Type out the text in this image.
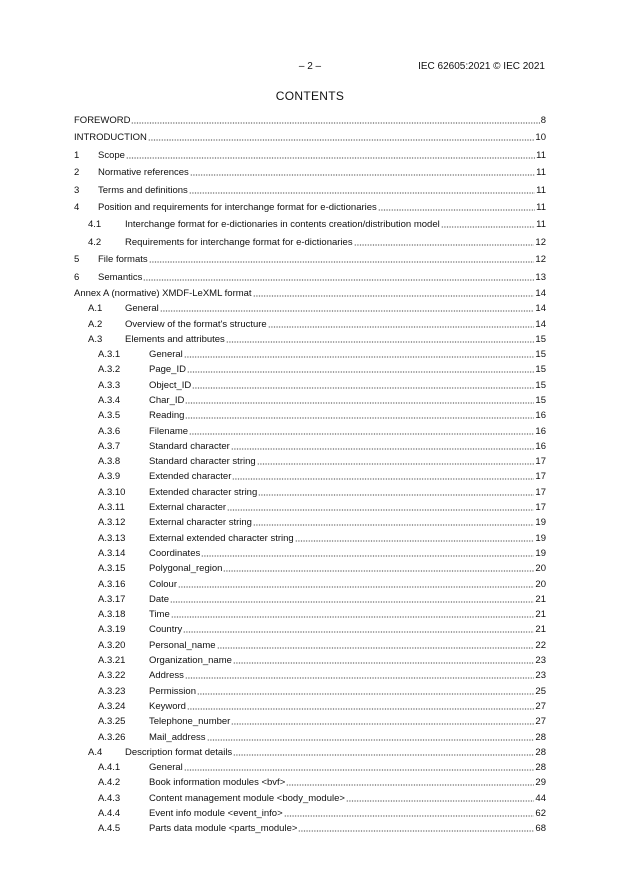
– 2 –	IEC 62605:2021 © IEC 2021
CONTENTS
FOREWORD	8
INTRODUCTION	10
1	Scope	11
2	Normative references	11
3	Terms and definitions	11
4	Position and requirements for interchange format for e-dictionaries	11
4.1	Interchange format for e-dictionaries in contents creation/distribution model	11
4.2	Requirements for interchange format for e-dictionaries	12
5	File formats	12
6	Semantics	13
Annex A (normative) XMDF-LeXML format	14
A.1	General	14
A.2	Overview of the format's structure	14
A.3	Elements and attributes	15
A.3.1	General	15
A.3.2	Page_ID	15
A.3.3	Object_ID	15
A.3.4	Char_ID	15
A.3.5	Reading	16
A.3.6	Filename	16
A.3.7	Standard character	16
A.3.8	Standard character string	17
A.3.9	Extended character	17
A.3.10	Extended character string	17
A.3.11	External character	17
A.3.12	External character string	19
A.3.13	External extended character string	19
A.3.14	Coordinates	19
A.3.15	Polygonal_region	20
A.3.16	Colour	20
A.3.17	Date	21
A.3.18	Time	21
A.3.19	Country	21
A.3.20	Personal_name	22
A.3.21	Organization_name	23
A.3.22	Address	23
A.3.23	Permission	25
A.3.24	Keyword	27
A.3.25	Telephone_number	27
A.3.26	Mail_address	28
A.4	Description format details	28
A.4.1	General	28
A.4.2	Book information modules <bvf>	29
A.4.3	Content management module <body_module>	44
A.4.4	Event info module <event_info>	62
A.4.5	Parts data module <parts_module>	68
